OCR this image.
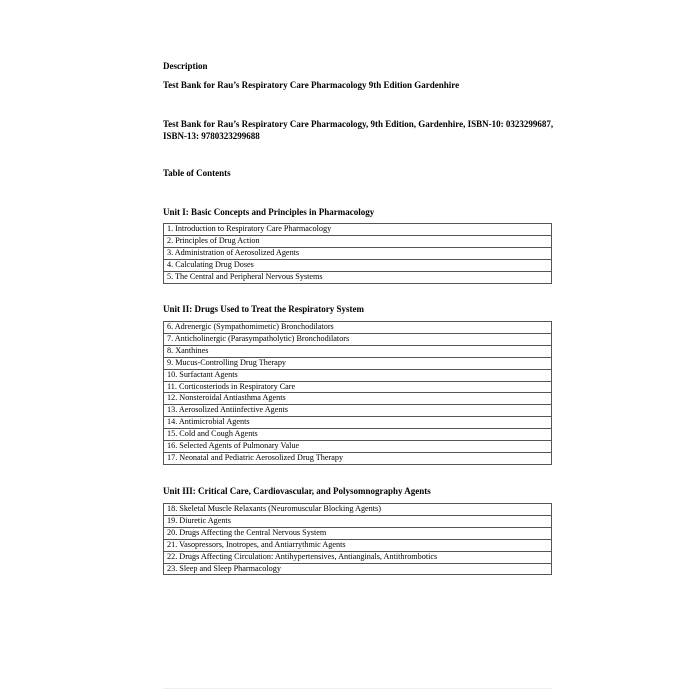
Description

Test Bank for Rau’s Respiratory Care Pharmacology 9th Edition Gardenhire

Test Bank for Rau’s Respiratory Care Pharmacology, 9th Edition, Gardenhire, ISBN-10: 0323299687, ISBN-13: 9780323299688

Table of Contents

Unit I: Basic Concepts and Principles in Pharmacology

1. Introduction to Respiratory Care Pharmacology
2. Principles of Drug Action
3. Administration of Aerosolized Agents
4. Calculating Drug Doses
5. The Central and Peripheral Nervous Systems

Unit II: Drugs Used to Treat the Respiratory System

6. Adrenergic (Sympathomimetic) Bronchodilators
7. Anticholinergic (Parasympatholytic) Bronchodilators
8. Xanthines
9. Mucus-Controlling Drug Therapy
10. Surfactant Agents
11. Corticosteriods in Respiratory Care
12. Nonsteroidal Antiasthma Agents
13. Aerosolized Antiinfective Agents
14. Antimicrobial Agents
15. Cold and Cough Agents
16. Selected Agents of Pulmonary Value
17. Neonatal and Pediatric Aerosolized Drug Therapy

Unit III: Critical Care, Cardiovascular, and Polysomnography Agents

18. Skeletal Muscle Relaxants (Neuromuscular Blocking Agents)
19. Diuretic Agents
20. Drugs Affecting the Central Nervous System
21. Vasopressors, Inotropes, and Antiarrythmic Agents
22. Drugs Affecting Circulation: Antihypertensives, Antianginals, Antithrombotics
23. Sleep and Sleep Pharmacology
